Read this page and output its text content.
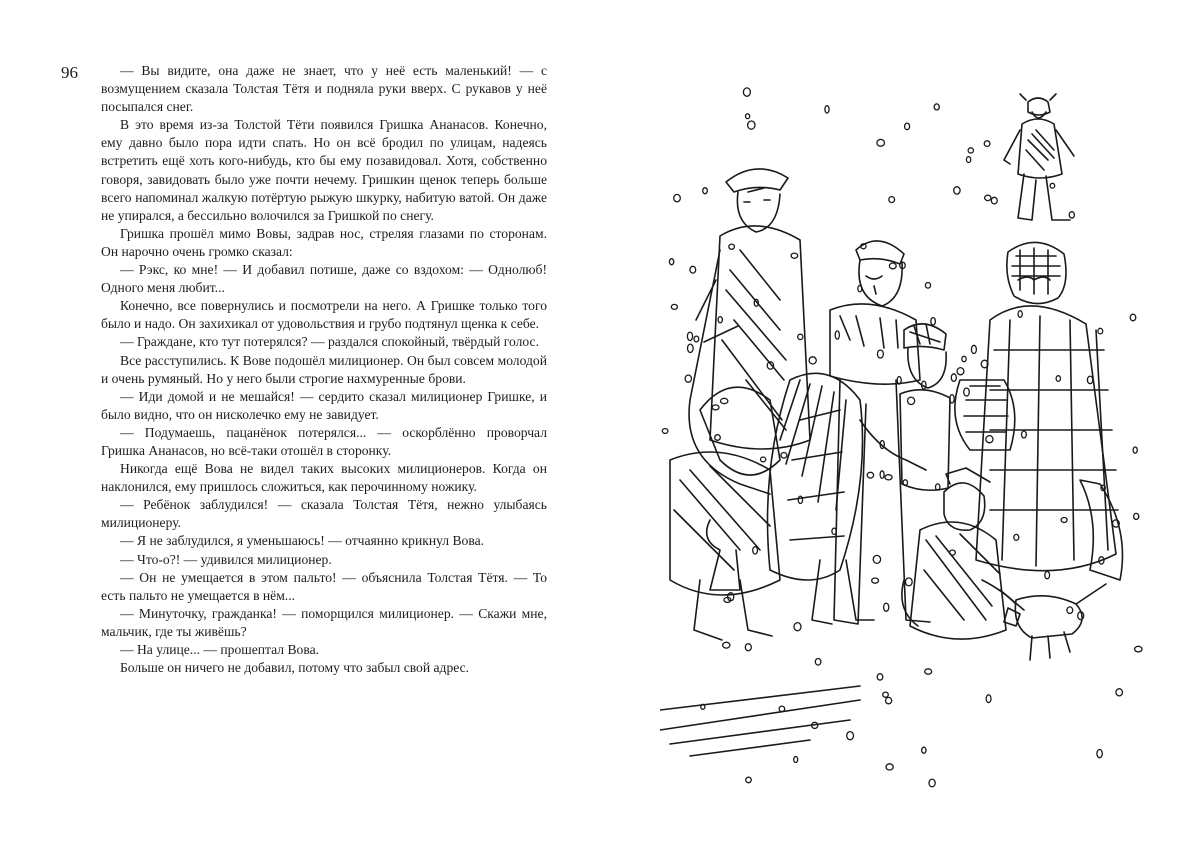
96	— Вы видите, она даже не знает, что у неё есть маленький! — с возмущением сказала Толстая Тётя и подняла руки вверх. С рукавов у неё посыпался снег.

В это время из-за Толстой Тёти появился Гришка Ананасов. Конечно, ему давно было пора идти спать. Но он всё бродил по улицам, надеясь встретить ещё хоть кого-нибудь, кто бы ему позавидовал. Хотя, собственно говоря, завидовать было уже почти нечему. Гришкин щенок теперь больше всего напоминал жалкую потёртую рыжую шкурку, набитую ватой. Он даже не упирался, а бессильно волочился за Гришкой по снегу.

Гришка прошёл мимо Вовы, задрав нос, стреляя глазами по сторонам. Он нарочно очень громко сказал:

— Рэкс, ко мне! — И добавил потише, даже со вздохом: — Однолюб! Одного меня любит...

Конечно, все повернулись и посмотрели на него. А Гришке только того было и надо. Он захихикал от удовольствия и грубо подтянул щенка к себе.

— Граждане, кто тут потерялся? — раздался спокойный, твёрдый голос.

Все расступились. К Вове подошёл милиционер. Он был совсем молодой и очень румяный. Но у него были строгие нахмуренные брови.

— Иди домой и не мешайся! — сердито сказал милиционер Гришке, и было видно, что он нисколечко ему не завидует.

— Подумаешь, пацанёнок потерялся... — оскорблённо проворчал Гришка Ананасов, но всё-таки отошёл в сторонку.

Никогда ещё Вова не видел таких высоких милиционеров. Когда он наклонился, ему пришлось сложиться, как перочинному ножику.

— Ребёнок заблудился! — сказала Толстая Тётя, нежно улыбаясь милиционеру.

— Я не заблудился, я уменьшаюсь! — отчаянно крикнул Вова.

— Что-о?! — удивился милиционер.

— Он не умещается в этом пальто! — объяснила Толстая Тётя. — То есть пальто не умещается в нём...

— Минуточку, гражданка! — поморщился милиционер. — Скажи мне, мальчик, где ты живёшь?

— На улице... — прошептал Вова.

Больше он ничего не добавил, потому что забыл свой адрес.
